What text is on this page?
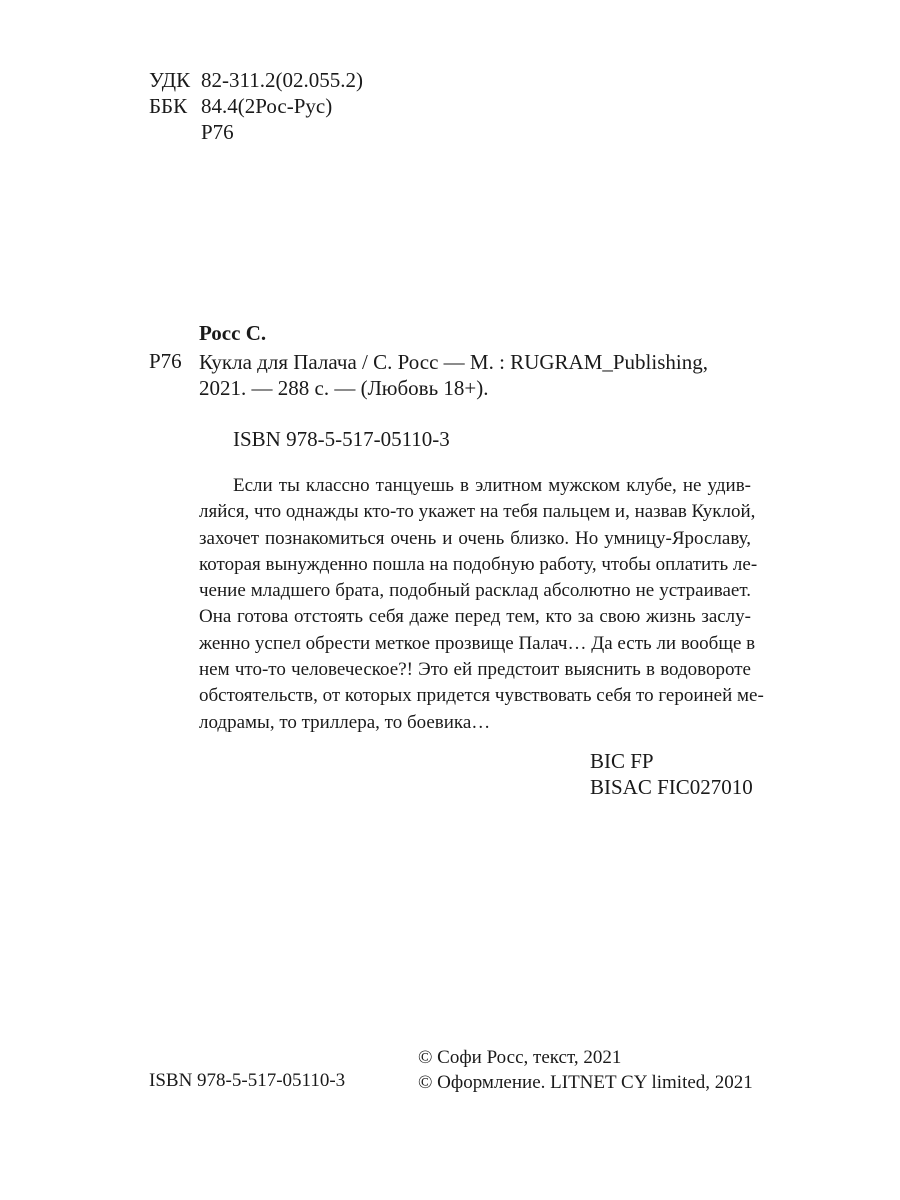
УДК 82-311.2(02.055.2)
ББК 84.4(2Рос-Рус)
Р76
Росс С.
Р76 Кукла для Палача / С. Росс — М. : RUGRAM_Publishing,
2021. — 288 с. — (Любовь 18+).
ISBN 978-5-517-05110-3
Если ты классно танцуешь в элитном мужском клубе, не удив-
ляйся, что однажды кто-то укажет на тебя пальцем и, назвав Куклой,
захочет познакомиться очень и очень близко. Но умницу-Ярославу,
которая вынужденно пошла на подобную работу, чтобы оплатить ле-
чение младшего брата, подобный расклад абсолютно не устраивает.
Она готова отстоять себя даже перед тем, кто за свою жизнь заслу-
женно успел обрести меткое прозвище Палач… Да есть ли вообще в
нем что-то человеческое?! Это ей предстоит выяснить в водовороте
обстоятельств, от которых придется чувствовать себя то героиней ме-
лодрамы, то триллера, то боевика…
BIC FP
BISAC FIC027010
ISBN 978-5-517-05110-3
© Софи Росс, текст, 2021
© Оформление. LITNET CY limited, 2021
